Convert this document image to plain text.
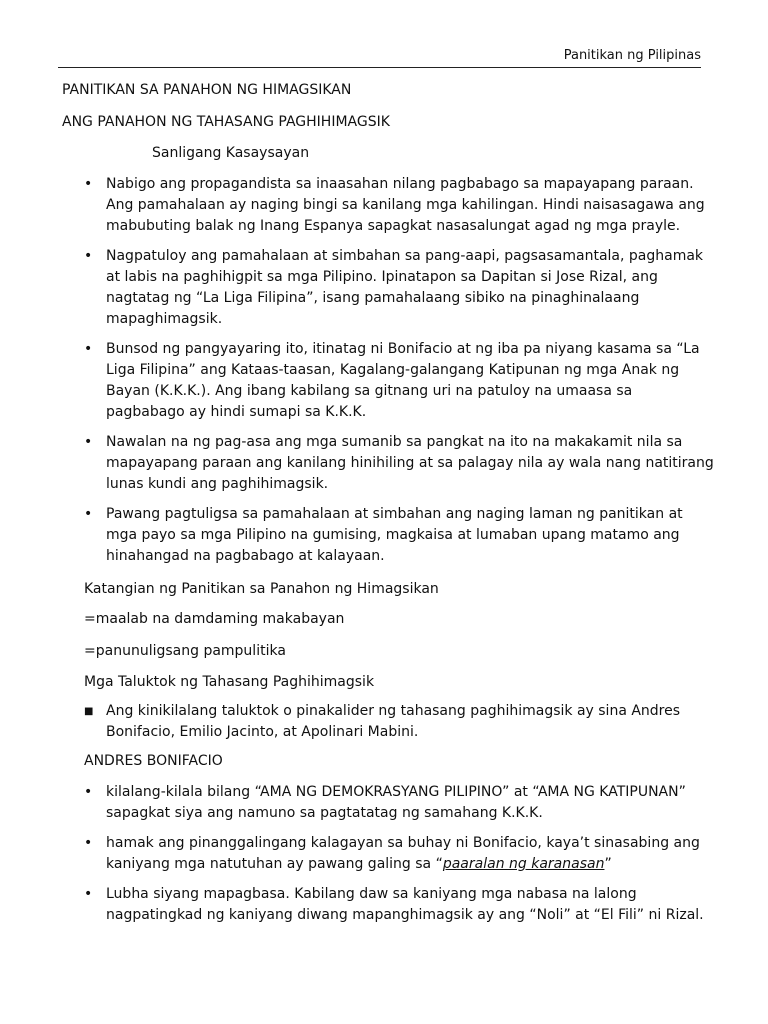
Panitikan ng Pilipinas
PANITIKAN SA PANAHON NG HIMAGSIKAN
ANG PANAHON NG TAHASANG PAGHIHIMAGSIK
Sanligang Kasaysayan
• Nabigo ang propagandista sa inaasahan nilang pagbabago sa mapayapang paraan. Ang pamahalaan ay naging bingi sa kanilang mga kahilingan. Hindi naisasagawa ang mabubuting balak ng Inang Espanya sapagkat nasasalungat agad ng mga prayle.
• Nagpatuloy ang pamahalaan at simbahan sa pang-aapi, pagsasamantala, paghamak at labis na paghihigpit sa mga Pilipino. Ipinatapon sa Dapitan si Jose Rizal, ang nagtatag ng “La Liga Filipina”, isang pamahalaang sibiko na pinaghinalaang mapaghimagsik.
• Bunsod ng pangyayaring ito, itinatag ni Bonifacio at ng iba pa niyang kasama sa “La Liga Filipina” ang Kataas-taasan, Kagalang-galangang Katipunan ng mga Anak ng Bayan (K.K.K.). Ang ibang kabilang sa gitnang uri na patuloy na umaasa sa pagbabago ay hindi sumapi sa K.K.K.
• Nawalan na ng pag-asa ang mga sumanib sa pangkat na ito na makakamit nila sa mapayapang paraan ang kanilang hinihiling at sa palagay nila ay wala nang natitirang lunas kundi ang paghihimagsik.
• Pawang pagtuligsa sa pamahalaan at simbahan ang naging laman ng panitikan at mga payo sa mga Pilipino na gumising, magkaisa at lumaban upang matamo ang hinahangad na pagbabago at kalayaan.
Katangian ng Panitikan sa Panahon ng Himagsikan
=maalab na damdaming makabayan
=panunuligsang pampulitika
Mga Taluktok ng Tahasang Paghihimagsik
■ Ang kinikilalang taluktok o pinakalider ng tahasang paghihimagsik ay sina Andres Bonifacio, Emilio Jacinto, at Apolinari Mabini.
ANDRES BONIFACIO
• kilalang-kilala bilang “AMA NG DEMOKRASYANG PILIPINO” at “AMA NG KATIPUNAN” sapagkat siya ang namuno sa pagtatatag ng samahang K.K.K.
• hamak ang pinanggalingang kalagayan sa buhay ni Bonifacio, kaya’t sinasabing ang kaniyang mga natutuhan ay pawang galing sa “paaralan ng karanasan”
• Lubha siyang mapagbasa. Kabilang daw sa kaniyang mga nabasa na lalong nagpatingkad ng kaniyang diwang mapanghimagsik ay ang “Noli” at “El Fili” ni Rizal.
